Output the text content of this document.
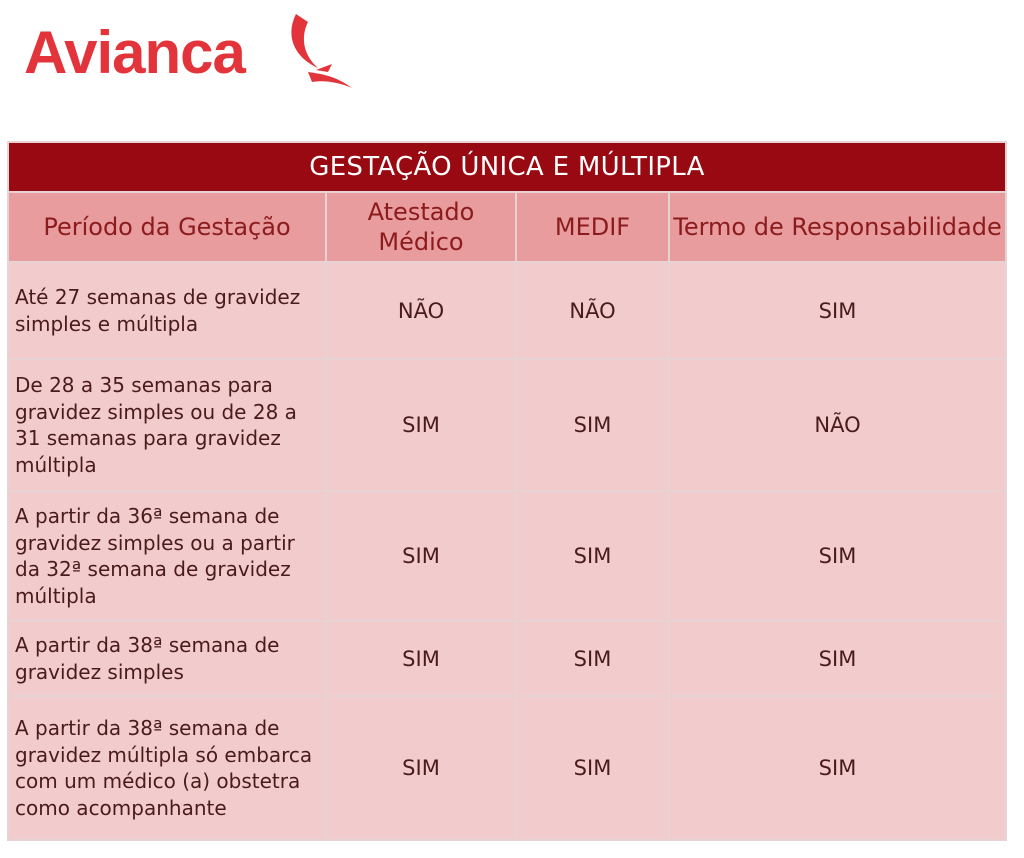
Avianca
GESTAÇÃO ÚNICA E MÚLTIPLA			
Período da Gestação	Atestado Médico	MEDIF	Termo de Responsabilidade
Até 27 semanas de gravidez simples e múltipla	NÃO	NÃO	SIM
De 28 a 35 semanas para gravidez simples ou de 28 a 31 semanas para gravidez múltipla	SIM	SIM	NÃO
A partir da 36ª semana de gravidez simples ou a partir da 32ª semana de gravidez múltipla	SIM	SIM	SIM
A partir da 38ª semana de gravidez simples	SIM	SIM	SIM
A partir da 38ª semana de gravidez múltipla só embarca com um médico (a) obstetra como acompanhante	SIM	SIM	SIM
